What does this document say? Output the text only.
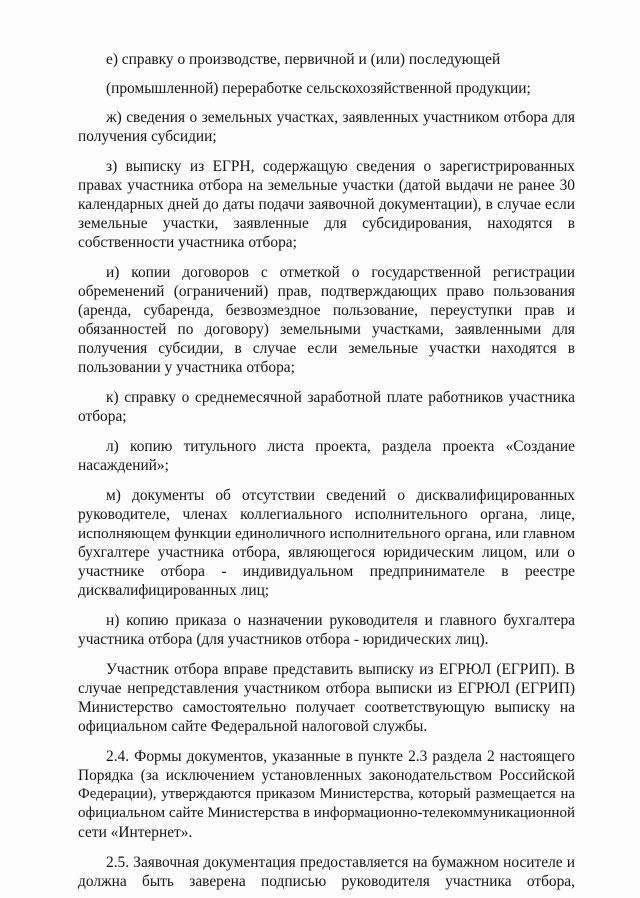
е) справку о производстве, первичной и (или) последующей
(промышленной) переработке сельскохозяйственной продукции;
ж) сведения о земельных участках, заявленных участником отбора для
получения субсидии;
з) выписку из ЕГРН, содержащую сведения о зарегистрированных
правах участника отбора на земельные участки (датой выдачи не ранее 30
календарных дней до даты подачи заявочной документации), в случае если
земельные участки, заявленные для субсидирования, находятся в
собственности участника отбора;
и) копии договоров с отметкой о государственной регистрации
обременений (ограничений) прав, подтверждающих право пользования
(аренда, субаренда, безвозмездное пользование, переуступки прав и
обязанностей по договору) земельными участками, заявленными для
получения субсидии, в случае если земельные участки находятся в
пользовании у участника отбора;
к) справку о среднемесячной заработной плате работников участника
отбора;
л) копию титульного листа проекта, раздела проекта «Создание
насаждений»;
м) документы об отсутствии сведений о дисквалифицированных
руководителе, членах коллегиального исполнительного органа, лице,
исполняющем функции единоличного исполнительного органа, или главном
бухгалтере участника отбора, являющегося юридическим лицом, или о
участнике отбора - индивидуальном предпринимателе в реестре
дисквалифицированных лиц;
н) копию приказа о назначении руководителя и главного бухгалтера
участника отбора (для участников отбора - юридических лиц).
Участник отбора вправе представить выписку из ЕГРЮЛ (ЕГРИП). В
случае непредставления участником отбора выписки из ЕГРЮЛ (ЕГРИП)
Министерство самостоятельно получает соответствующую выписку на
официальном сайте Федеральной налоговой службы.
2.4. Формы документов, указанные в пункте 2.3 раздела 2 настоящего
Порядка (за исключением установленных законодательством Российской
Федерации), утверждаются приказом Министерства, который размещается на
официальном сайте Министерства в информационно-телекоммуникационной
сети «Интернет».
2.5. Заявочная документация предоставляется на бумажном носителе и
должна быть заверена подписью руководителя участника отбора,
